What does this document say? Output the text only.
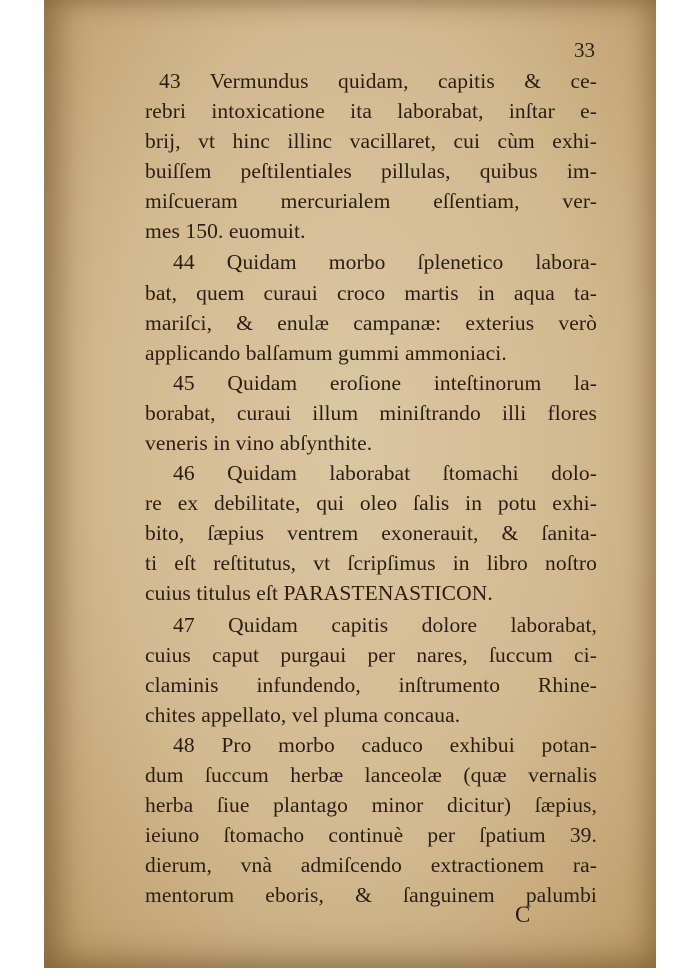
33
43 Vermundus quidam, capitis & ce-
rebri intoxicatione ita laborabat, inſtar e-
brij, vt hinc illinc vacillaret, cui cùm exhi-
buiſſem peſtilentiales pillulas, quibus im-
miſcueram mercurialem eſſentiam, ver-
mes 150. euomuit.
44 Quidam morbo ſplenetico labora-
bat, quem curaui croco martis in aqua ta-
mariſci, & enulæ campanæ: exterius verò
applicando balſamum gummi ammoniaci.
45 Quidam eroſione inteſtinorum la-
borabat, curaui illum miniſtrando illi flores
veneris in vino abſynthite.
46 Quidam laborabat ſtomachi dolo-
re ex debilitate, qui oleo ſalis in potu exhi-
bito, ſæpius ventrem exonerauit, & ſanita-
ti eſt reſtitutus, vt ſcripſimus in libro noſtro
cuius titulus eſt PARASTENASTICON.
47 Quidam capitis dolore laborabat,
cuius caput purgaui per nares, ſuccum ci-
claminis infundendo, inſtrumento Rhine-
chites appellato, vel pluma concaua.
48 Pro morbo caduco exhibui potan-
dum ſuccum herbæ lanceolæ (quæ vernalis
herba ſiue plantago minor dicitur) ſæpius,
ieiuno ſtomacho continuè per ſpatium 39.
dierum, vnà admiſcendo extractionem ra-
mentorum eboris, & ſanguinem palumbi
C
